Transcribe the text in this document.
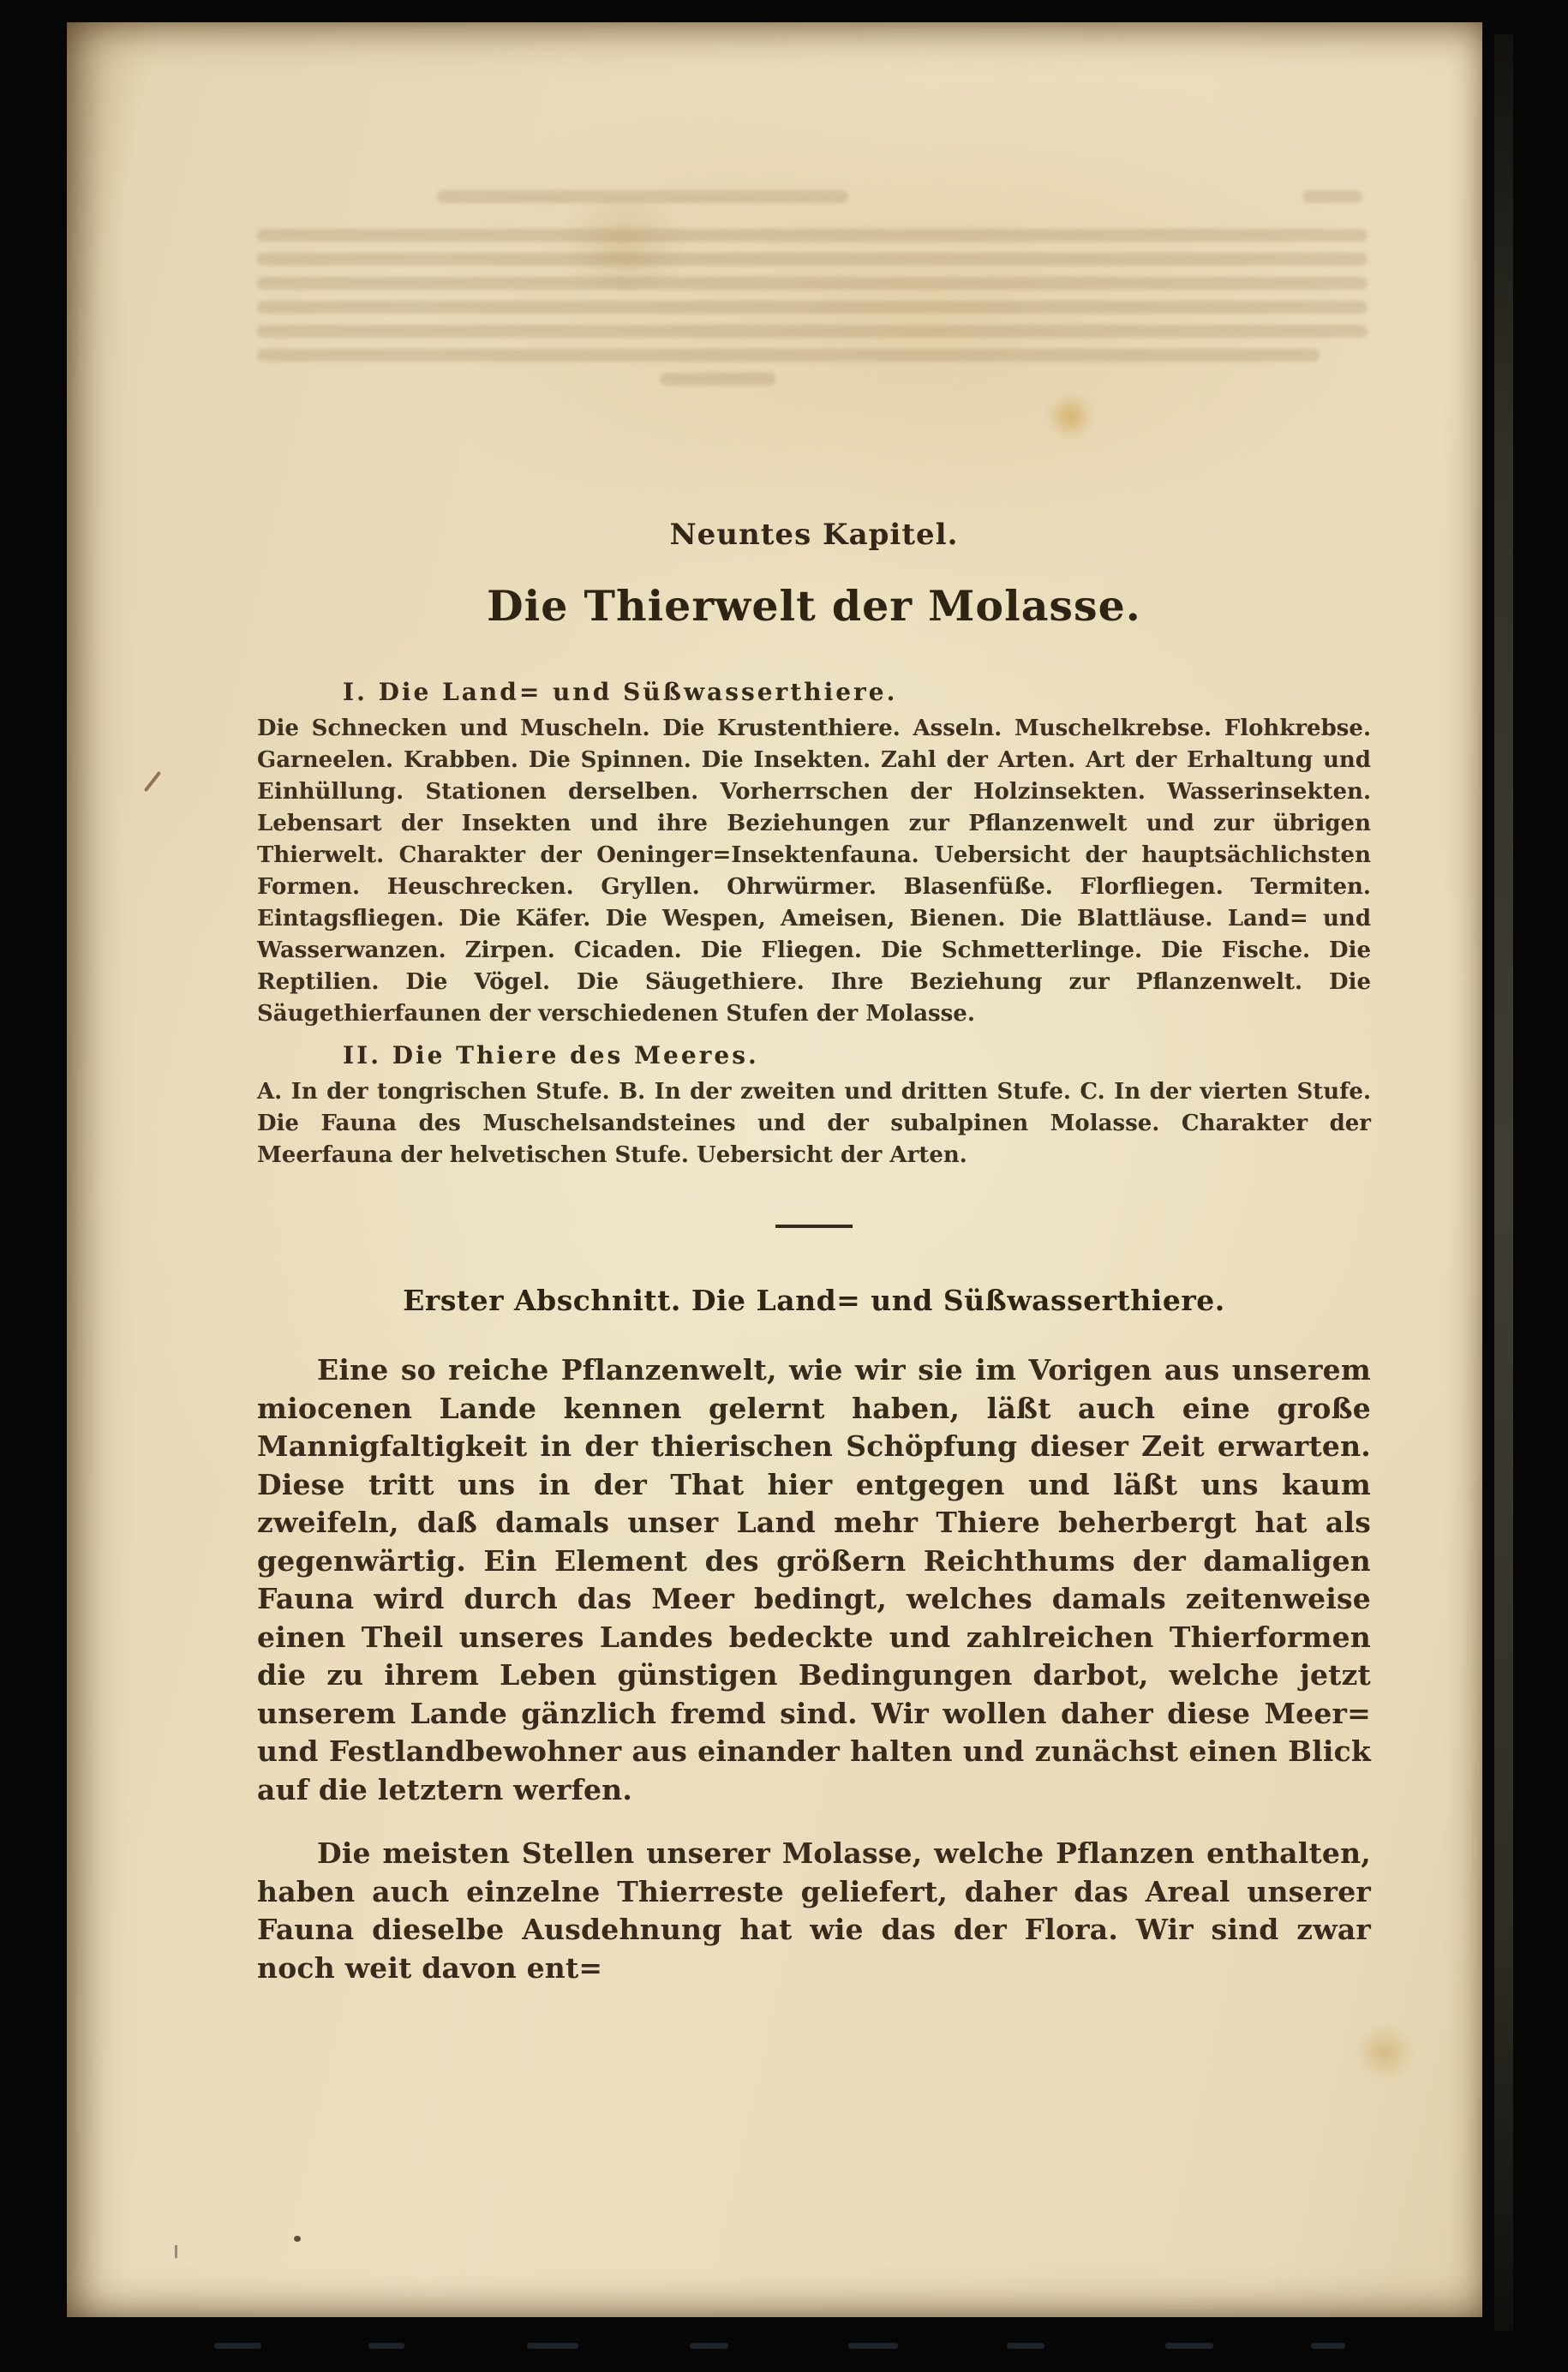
Neuntes Kapitel.
Die Thierwelt der Molasse.
I. Die Land= und Süßwasserthiere.

Die Schnecken und Muscheln. Die Krustenthiere. Asseln. Muschelkrebse. Flohkrebse. Garneelen. Krabben. Die Spinnen. Die Insekten. Zahl der Arten. Art der Erhaltung und Einhüllung. Stationen derselben. Vorherrschen der Holzinsekten. Wasserinsekten. Lebensart der Insekten und ihre Beziehungen zur Pflanzenwelt und zur übrigen Thierwelt. Charakter der Oeninger=Insektenfauna. Uebersicht der hauptsächlichsten Formen. Heuschrecken. Gryllen. Ohrwürmer. Blasenfüße. Florfliegen. Termiten. Eintagsfliegen. Die Käfer. Die Wespen, Ameisen, Bienen. Die Blattläuse. Land= und Wasserwanzen. Zirpen. Cicaden. Die Fliegen. Die Schmetterlinge. Die Fische. Die Reptilien. Die Vögel. Die Säugethiere. Ihre Beziehung zur Pflanzenwelt. Die Säugethierfaunen der verschiedenen Stufen der Molasse.

II. Die Thiere des Meeres.

A. In der tongrischen Stufe. B. In der zweiten und dritten Stufe. C. In der vierten Stufe. Die Fauna des Muschelsandsteines und der subalpinen Molasse. Charakter der Meerfauna der helvetischen Stufe. Uebersicht der Arten.

Erster Abschnitt. Die Land= und Süßwasserthiere.

Eine so reiche Pflanzenwelt, wie wir sie im Vorigen aus unserem miocenen Lande kennen gelernt haben, läßt auch eine große Mannigfaltigkeit in der thierischen Schöpfung dieser Zeit erwarten. Diese tritt uns in der That hier entgegen und läßt uns kaum zweifeln, daß damals unser Land mehr Thiere beherbergt hat als gegenwärtig. Ein Element des größern Reichthums der damaligen Fauna wird durch das Meer bedingt, welches damals zeitenweise einen Theil unseres Landes bedeckte und zahlreichen Thierformen die zu ihrem Leben günstigen Bedingungen darbot, welche jetzt unserem Lande gänzlich fremd sind. Wir wollen daher diese Meer= und Festlandbewohner aus einander halten und zunächst einen Blick auf die letztern werfen.

Die meisten Stellen unserer Molasse, welche Pflanzen enthalten, haben auch einzelne Thierreste geliefert, daher das Areal unserer Fauna dieselbe Ausdehnung hat wie das der Flora. Wir sind zwar noch weit davon ent=
